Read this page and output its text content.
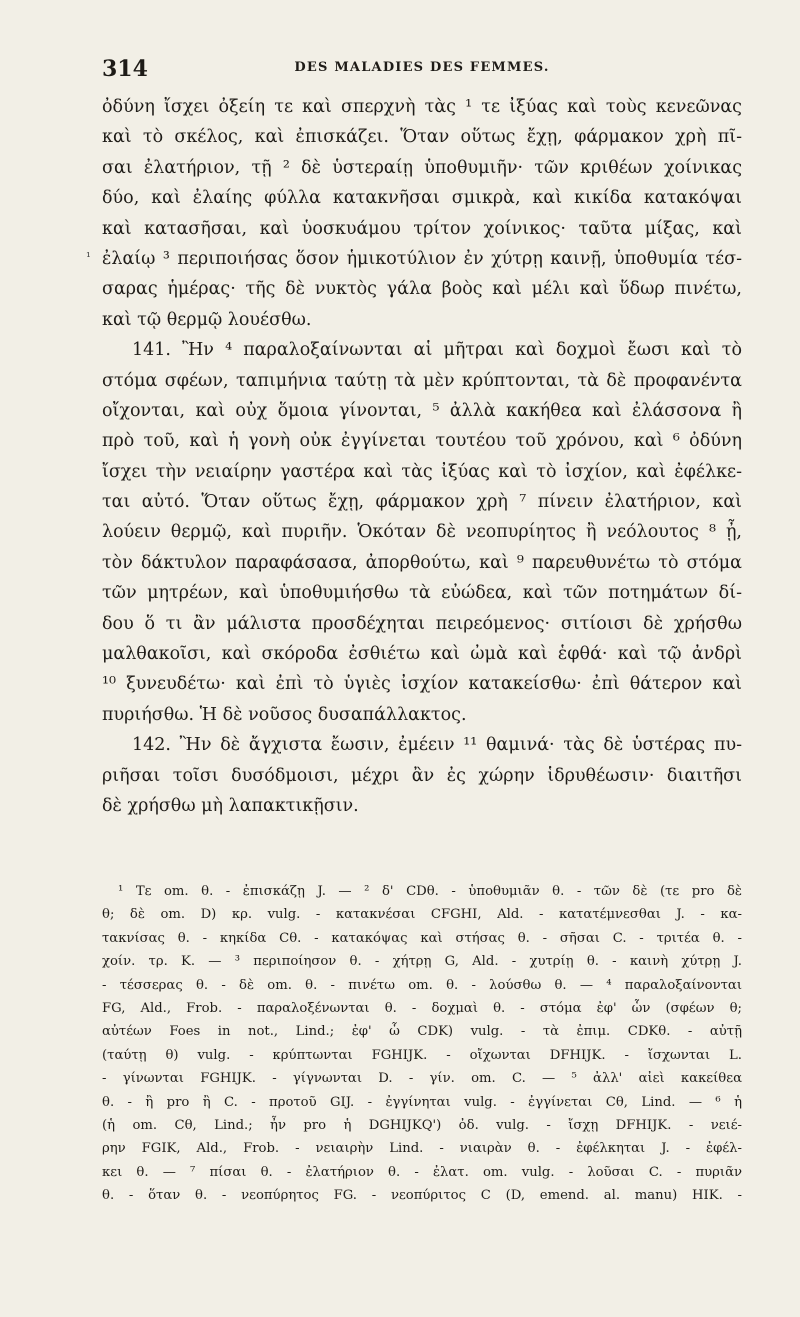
314	DES MALADIES DES FEMMES.
¹
ὀδύνη ἴσχει ὀξείη τε καὶ σπερχνὴ τὰς ¹ τε ἰξύας καὶ τοὺς κενεῶνας
καὶ τὸ σκέλος, καὶ ἐπισκάζει. Ὅταν οὕτως ἔχῃ, φάρμακον χρὴ πῖ-
σαι ἐλατήριον, τῇ ² δὲ ὑστεραίῃ ὑποθυμιῆν· τῶν κριθέων χοίνικας
δύο, καὶ ἐλαίης φύλλα κατακνῆσαι σμικρὰ, καὶ κικίδα κατακόψαι
καὶ κατασῆσαι, καὶ ὑοσκυάμου τρίτον χοίνικος· ταῦτα μίξας, καὶ
ἐλαίῳ ³ περιποιήσας ὅσον ἡμικοτύλιον ἐν χύτρῃ καινῇ, ὑποθυμία τέσ-
σαρας ἡμέρας· τῆς δὲ νυκτὸς γάλα βοὸς καὶ μέλι καὶ ὕδωρ πινέτω,
καὶ τῷ θερμῷ λουέσθω.
141. Ἢν ⁴ παραλοξαίνωνται αἱ μῆτραι καὶ δοχμοὶ ἔωσι καὶ τὸ
στόμα σφέων, ταπιμήνια ταύτῃ τὰ μὲν κρύπτονται, τὰ δὲ προφανέντα
οἴχονται, καὶ οὐχ ὅμοια γίνονται, ⁵ ἀλλὰ κακήθεα καὶ ἐλάσσονα ἢ
πρὸ τοῦ, καὶ ἡ γονὴ οὐκ ἐγγίνεται τουτέου τοῦ χρόνου, καὶ ⁶ ὀδύνη
ἴσχει τὴν νειαίρην γαστέρα καὶ τὰς ἰξύας καὶ τὸ ἰσχίον, καὶ ἐφέλκε-
ται αὐτό. Ὅταν οὕτως ἔχῃ, φάρμακον χρὴ ⁷ πίνειν ἐλατήριον, καὶ
λούειν θερμῷ, καὶ πυριῆν. Ὁκόταν δὲ νεοπυρίητος ἢ νεόλουτος ⁸ ᾖ,
τὸν δάκτυλον παραφάσασα, ἀπορθούτω, καὶ ⁹ παρευθυνέτω τὸ στόμα
τῶν μητρέων, καὶ ὑποθυμιήσθω τὰ εὐώδεα, καὶ τῶν ποτημάτων δί-
δου ὅ τι ἂν μάλιστα προσδέχηται πειρεόμενος· σιτίοισι δὲ χρήσθω
μαλθακοῖσι, καὶ σκόροδα ἐσθιέτω καὶ ὠμὰ καὶ ἑφθά· καὶ τῷ ἀνδρὶ
¹⁰ ξυνευδέτω· καὶ ἐπὶ τὸ ὑγιὲς ἰσχίον κατακείσθω· ἐπὶ θάτερον καὶ
πυριήσθω. Ἡ δὲ νοῦσος δυσαπάλλακτος.
142. Ἢν δὲ ἄγχιστα ἔωσιν, ἐμέειν ¹¹ θαμινά· τὰς δὲ ὑστέρας πυ-
ριῆσαι τοῖσι δυσόδμοισι, μέχρι ἂν ἐς χώρην ἱδρυθέωσιν· διαιτῆσι
δὲ χρήσθω μὴ λαπακτικῇσιν.
¹ Τε om. θ. - ἐπισκάζῃ J. — ² δ' CDθ. - ὑποθυμιᾶν θ. - τῶν δὲ (τε pro δὲ
θ; δὲ om. D) κρ. vulg. - κατακνέσαι CFGHI, Ald. - κατατέμνεσθαι J. - κα-
τακνίσας θ. - κηκίδα Cθ. - κατακόψας καὶ στήσας θ. - σῆσαι C. - τριτέα θ. -
χοίν. τρ. K. — ³ περιποίησον θ. - χήτρῃ G, Ald. - χυτρίῃ θ. - καινὴ χύτρῃ J.
- τέσσερας θ. - δὲ om. θ. - πινέτω om. θ. - λούσθω θ. — ⁴ παραλοξαίνονται
FG, Ald., Frob. - παραλοξένωνται θ. - δοχμαὶ θ. - στόμα ἐφ' ὧν (σφέων θ;
αὐτέων Foes in not., Lind.; ἐφ' ὧ CDK) vulg. - τὰ ἐπιμ. CDKθ. - αὐτῇ
(ταύτῃ θ) vulg. - κρύπτωνται FGHIJK. - οἴχωνται DFHIJK. - ἴσχωνται L.
- γίνωνται FGHIJK. - γίγνωνται D. - γίν. om. C. — ⁵ ἀλλ' αἰεὶ κακείθεα
θ. - ἢ pro ἢ C. - προτοῦ GIJ. - ἐγγίνηται vulg. - ἐγγίνεται Cθ, Lind. — ⁶ ἡ
(ἡ om. Cθ, Lind.; ἦν pro ἡ DGHIJKQ') ὀδ. vulg. - ἴσχῃ DFHIJK. - νειέ-
ρην FGIK, Ald., Frob. - νειαιρὴν Lind. - νιαιρὰν θ. - ἐφέλκηται J. - ἐφέλ-
κει θ. — ⁷ πίσαι θ. - ἐλατήριον θ. - ἐλατ. om. vulg. - λοῦσαι C. - πυριᾶν
θ. - ὅταν θ. - νεοπύρητος FG. - νεοπύριτος C (D, emend. al. manu) HIK. -
